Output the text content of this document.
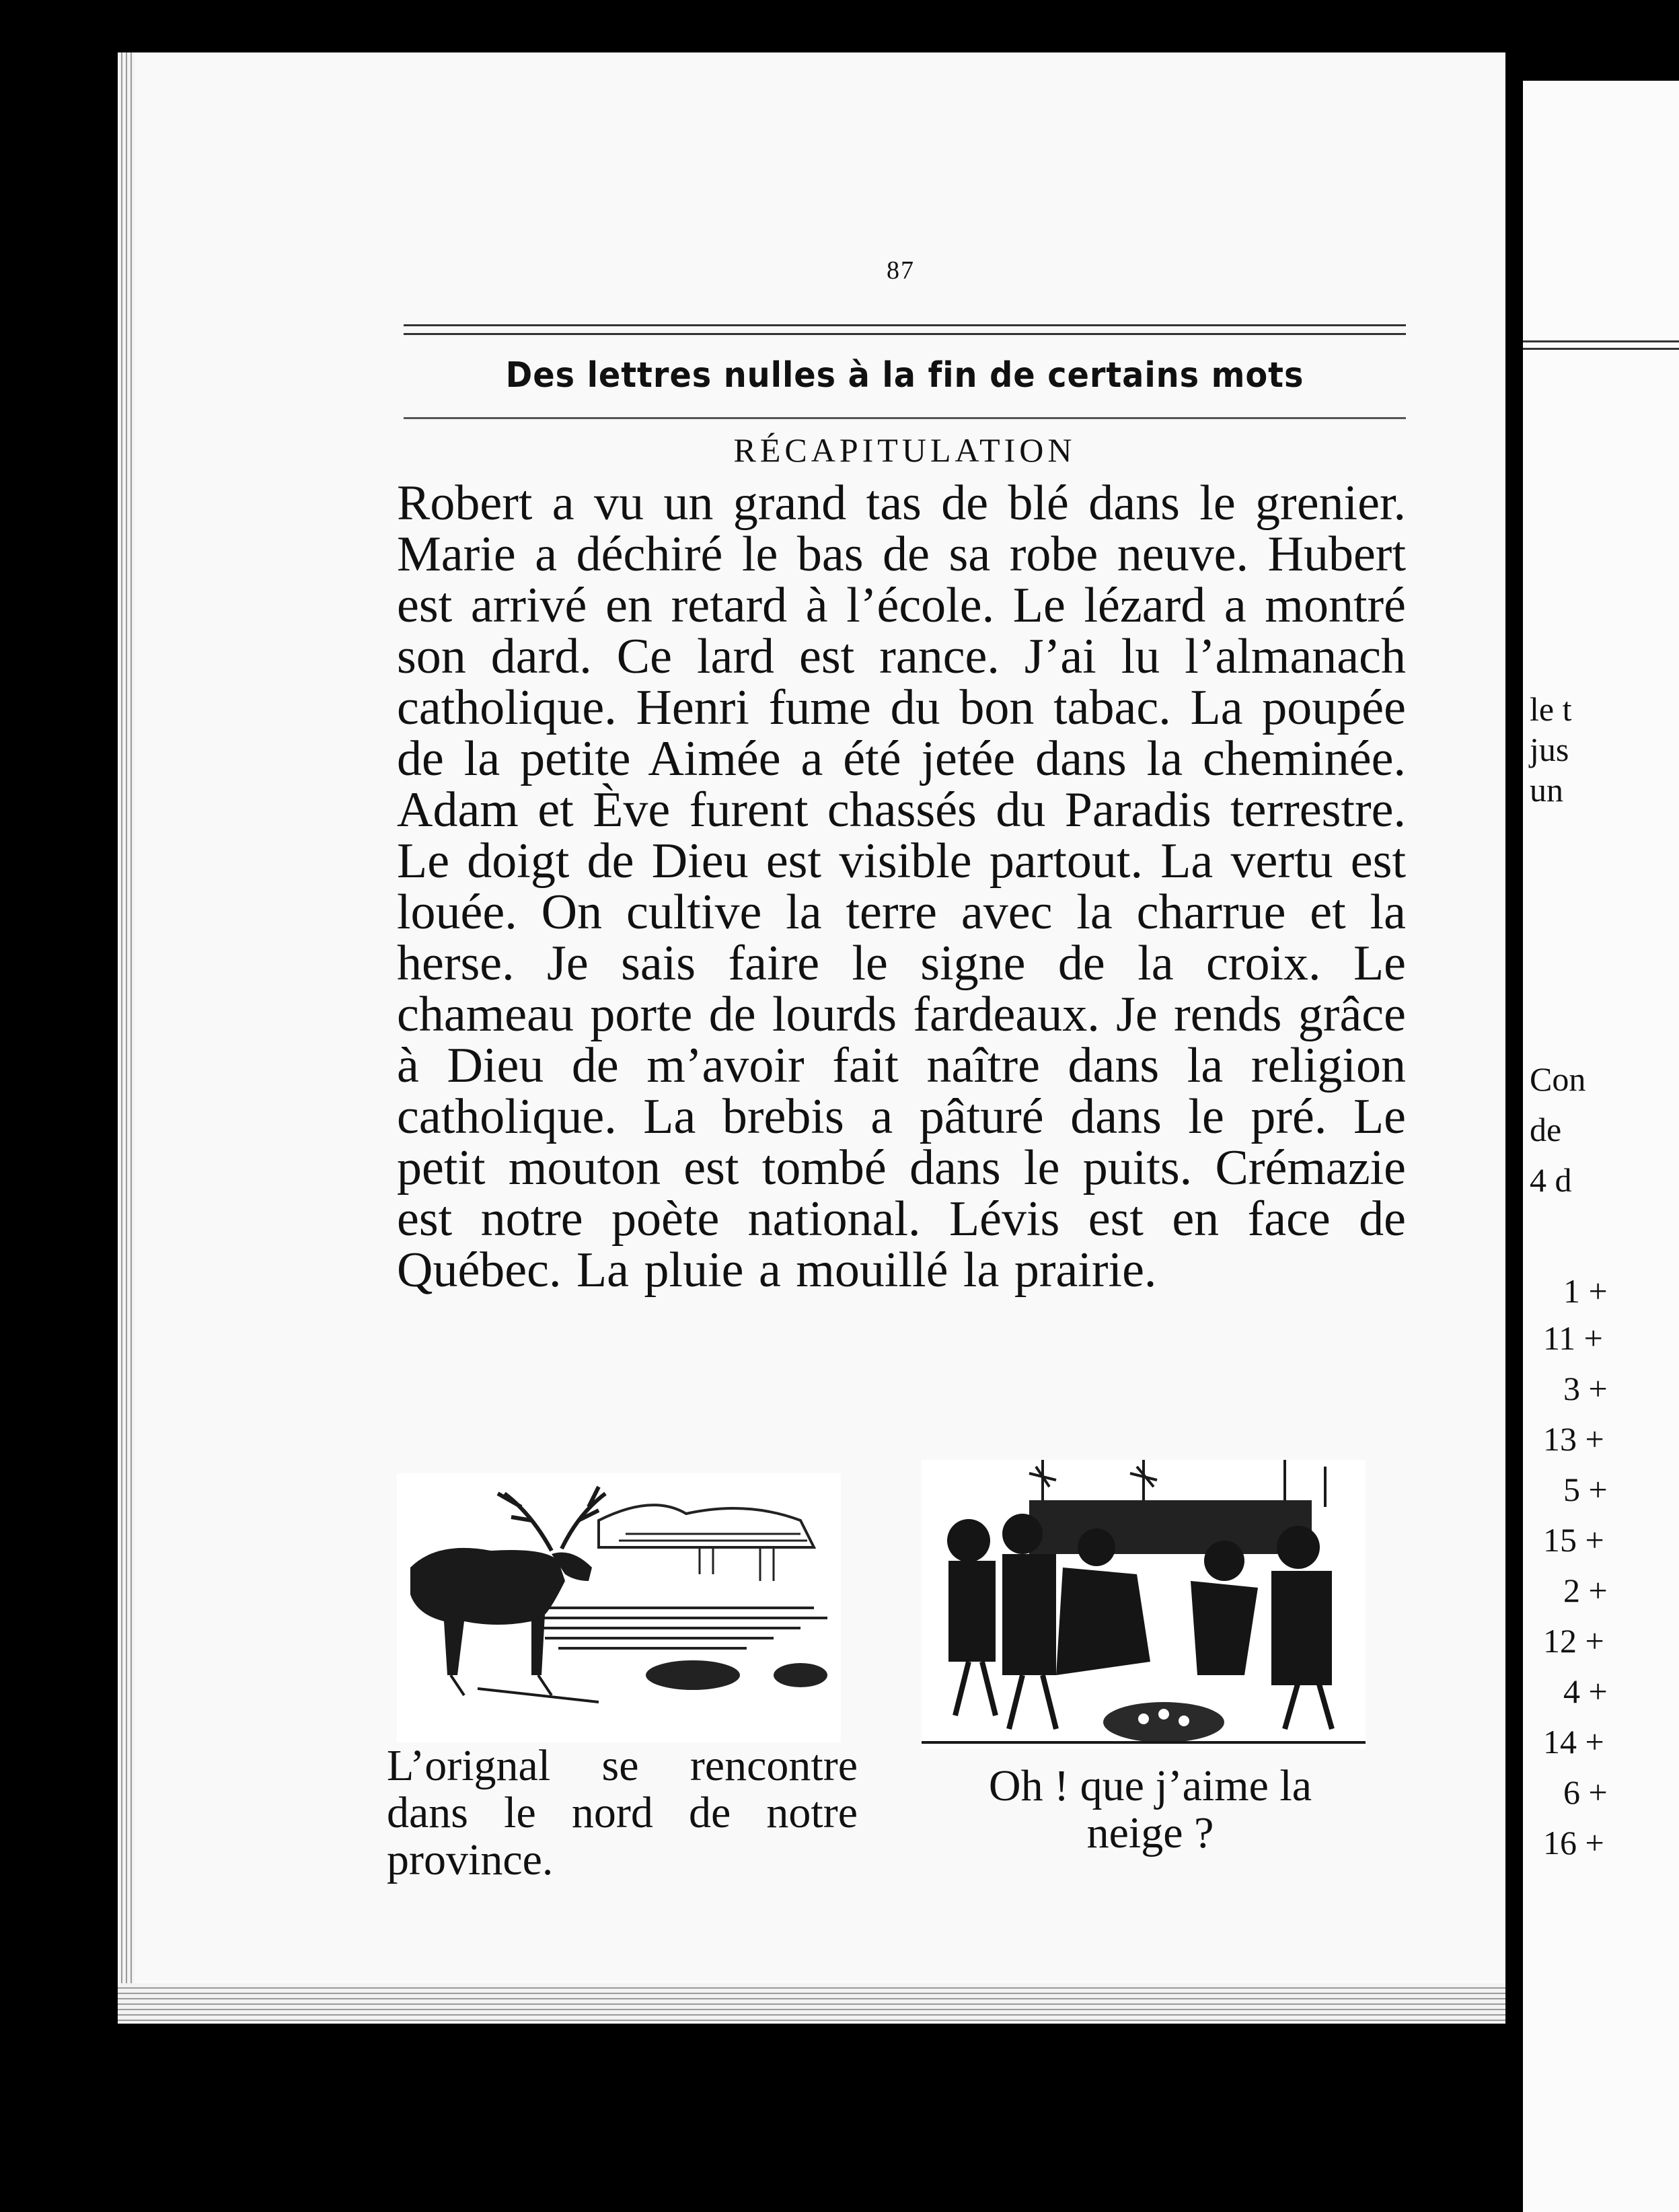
87
Des lettres nulles à la fin de certains mots
RÉCAPITULATION
Robert a vu un grand tas de blé dans le grenier. Marie a déchiré le bas de sa robe neuve. Hubert est arrivé en retard à l’école. Le lézard a montré son dard. Ce lard est rance. J’ai lu l’almanach catholique. Henri fume du bon tabac. La poupée de la petite Aimée a été jetée dans la cheminée. Adam et Ève furent chassés du Paradis terrestre. Le doigt de Dieu est visible partout. La vertu est louée. On cultive la terre avec la charrue et la herse. Je sais faire le signe de la croix. Le chameau porte de lourds fardeaux. Je rends grâce à Dieu de m’avoir fait naître dans la religion catholique. La brebis a pâturé dans le pré. Le petit mouton est tombé dans le puits. Crémazie est notre poète national. Lévis est en face de Québec. La pluie a mouillé la prairie.
L’orignal se rencontre dans le nord de notre province.
Oh ! que j’aime la neige ?
le t
jus
un
Con
de
4 d
1 +
11 +
3 +
13 +
5 +
15 +
2 +
12 +
4 +
14 +
6 +
16 +
